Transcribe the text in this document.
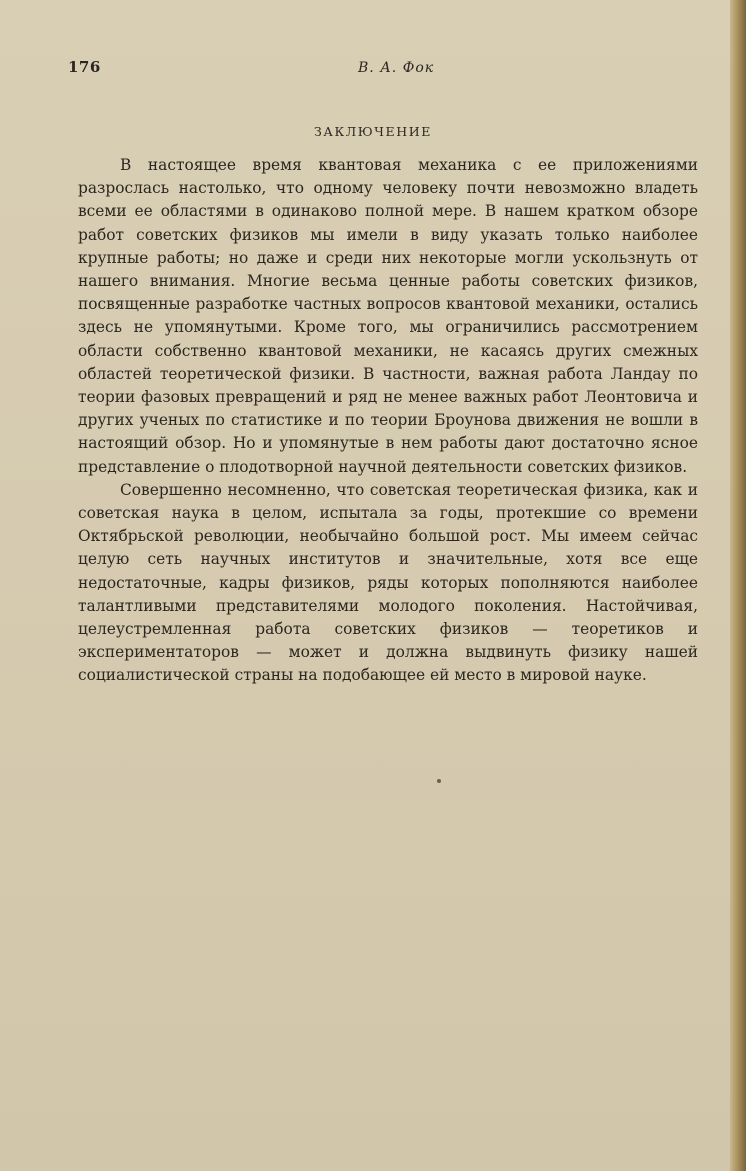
176	В. А. Фок
ЗАКЛЮЧЕНИЕ

В настоящее время квантовая механика с ее приложениями разрослась настолько, что одному человеку почти невозможно владеть всеми ее областями в одинаково полной мере. В нашем кратком обзоре работ советских физиков мы имели в виду указать только наиболее крупные работы; но даже и среди них некоторые могли ускользнуть от нашего внимания. Многие весьма ценные работы советских физиков, посвященные разработке частных вопросов квантовой механики, остались здесь не упомянутыми. Кроме того, мы ограничились рассмотрением области собственно квантовой механики, не касаясь других смежных областей теоретической физики. В частности, важная работа Ландау по теории фазовых превращений и ряд не менее важных работ Леонтовича и других ученых по статистике и по теории Броунова движения не вошли в настоящий обзор. Но и упомянутые в нем работы дают достаточно ясное представление о плодотворной научной деятельности советских физиков.

Совершенно несомненно, что советская теоретическая физика, как и советская наука в целом, испытала за годы, протекшие со времени Октябрьской революции, необычайно большой рост. Мы имеем сейчас целую сеть научных институтов и значительные, хотя все еще недостаточные, кадры физиков, ряды которых пополняются наиболее талантливыми представителями молодого поколения. Настойчивая, целеустремленная работа советских физиков — теоретиков и экспериментаторов — может и должна выдвинуть физику нашей социалистической страны на подобающее ей место в мировой науке.
